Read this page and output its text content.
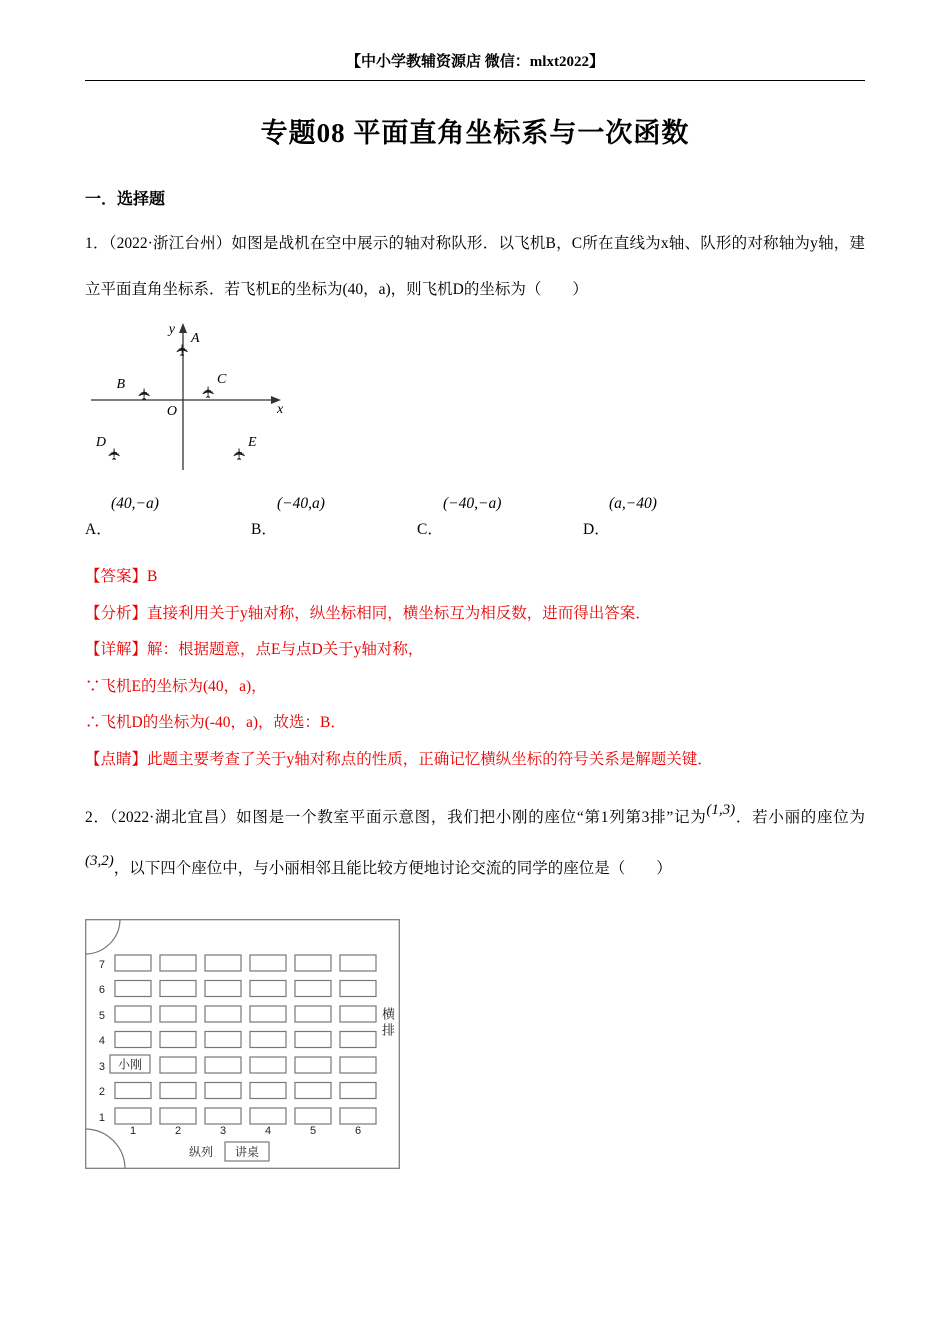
【中小学教辅资源店 微信：mlxt2022】
专题08 平面直角坐标系与一次函数
一．选择题

1．（2022·浙江台州）如图是战机在空中展示的轴对称队形．以飞机B，C所在直线为x轴、队形的对称轴为y轴，建立平面直角坐标系．若飞机E的坐标为(40，a)，则飞机D的坐标为（　　）

y
x
O
✈
✈	✈
✈	✈
A
B	C
D	E
A．
(40,−a)
B．
(−40,a)
C．
(−40,−a)
D．
(a,−40)

【答案】B

【分析】直接利用关于y轴对称，纵坐标相同，横坐标互为相反数，进而得出答案．

【详解】解：根据题意，点E与点D关于y轴对称，

∵飞机E的坐标为(40，a)，

∴飞机D的坐标为(-40，a)，故选：B．

【点睛】此题主要考查了关于y轴对称点的性质，正确记忆横纵坐标的符号关系是解题关键．

2．（2022·湖北宜昌）如图是一个教室平面示意图，我们把小刚的座位“第1列第3排”记为(1,3)．若小丽的座位为(3,2)，以下四个座位中，与小丽相邻且能比较方便地讨论交流的同学的座位是（　　）

7
6
5
4
3
2
1
1	2	3	4	5	6
小刚
讲桌
纵列
横排
